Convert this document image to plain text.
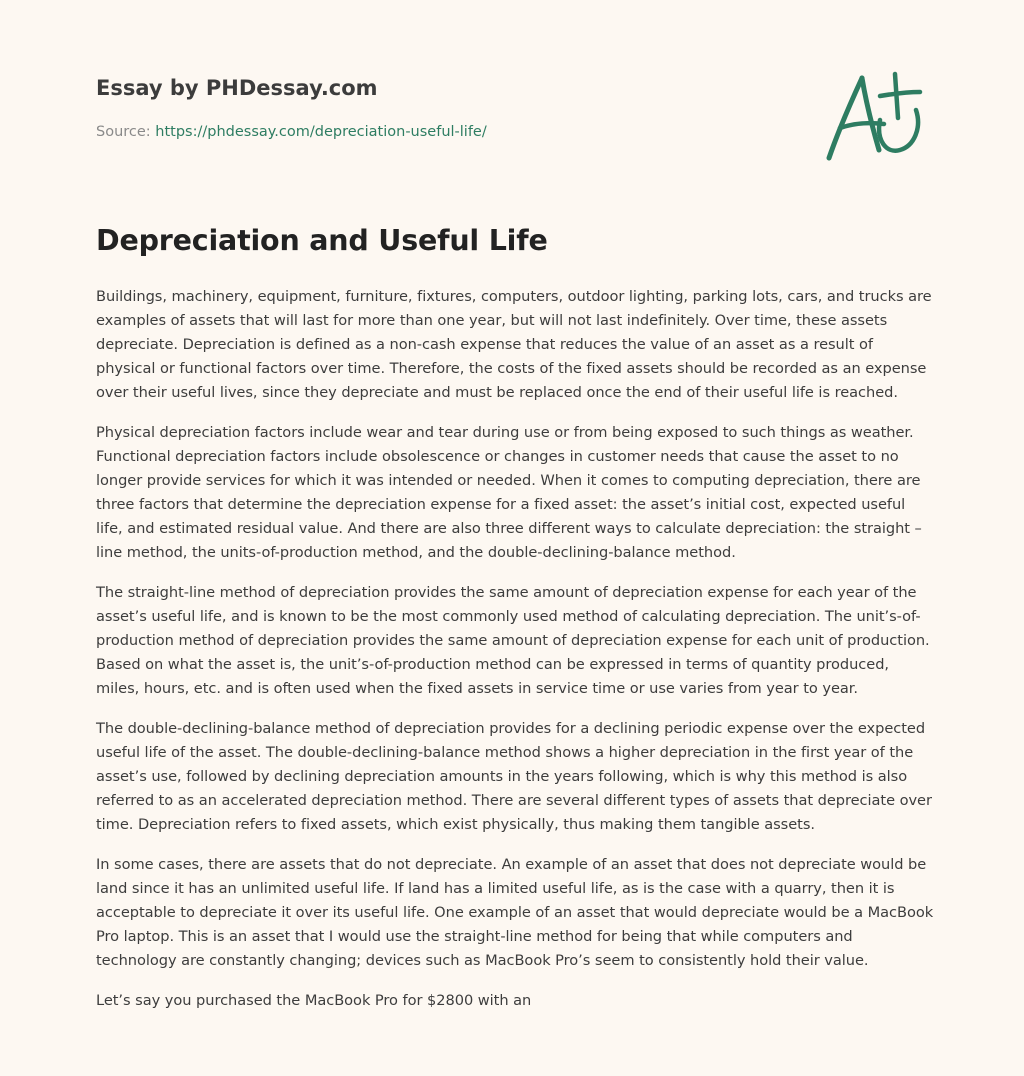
Essay by PHDessay.com

Source: https://phdessay.com/depreciation-useful-life/

Depreciation and Useful Life

Buildings, machinery, equipment, furniture, fixtures, computers, outdoor lighting, parking lots, cars, and trucks are examples of assets that will last for more than one year, but will not last indefinitely. Over time, these assets depreciate. Depreciation is defined as a non-cash expense that reduces the value of an asset as a result of physical or functional factors over time. Therefore, the costs of the fixed assets should be recorded as an expense over their useful lives, since they depreciate and must be replaced once the end of their useful life is reached.

Physical depreciation factors include wear and tear during use or from being exposed to such things as weather. Functional depreciation factors include obsolescence or changes in customer needs that cause the asset to no longer provide services for which it was intended or needed. When it comes to computing depreciation, there are three factors that determine the depreciation expense for a fixed asset: the asset’s initial cost, expected useful life, and estimated residual value. And there are also three different ways to calculate depreciation: the straight – line method, the units-of-production method, and the double-declining-balance method.

The straight-line method of depreciation provides the same amount of depreciation expense for each year of the asset’s useful life, and is known to be the most commonly used method of calculating depreciation. The unit’s-of-production method of depreciation provides the same amount of depreciation expense for each unit of production. Based on what the asset is, the unit’s-of-production method can be expressed in terms of quantity produced, miles, hours, etc. and is often used when the fixed assets in service time or use varies from year to year.

The double-declining-balance method of depreciation provides for a declining periodic expense over the expected useful life of the asset. The double-declining-balance method shows a higher depreciation in the first year of the asset’s use, followed by declining depreciation amounts in the years following, which is why this method is also referred to as an accelerated depreciation method. There are several different types of assets that depreciate over time. Depreciation refers to fixed assets, which exist physically, thus making them tangible assets.

In some cases, there are assets that do not depreciate. An example of an asset that does not depreciate would be land since it has an unlimited useful life. If land has a limited useful life, as is the case with a quarry, then it is acceptable to depreciate it over its useful life. One example of an asset that would depreciate would be a MacBook Pro laptop. This is an asset that I would use the straight-line method for being that while computers and technology are constantly changing; devices such as MacBook Pro’s seem to consistently hold their value.

Let’s say you purchased the MacBook Pro for $2800 with an
